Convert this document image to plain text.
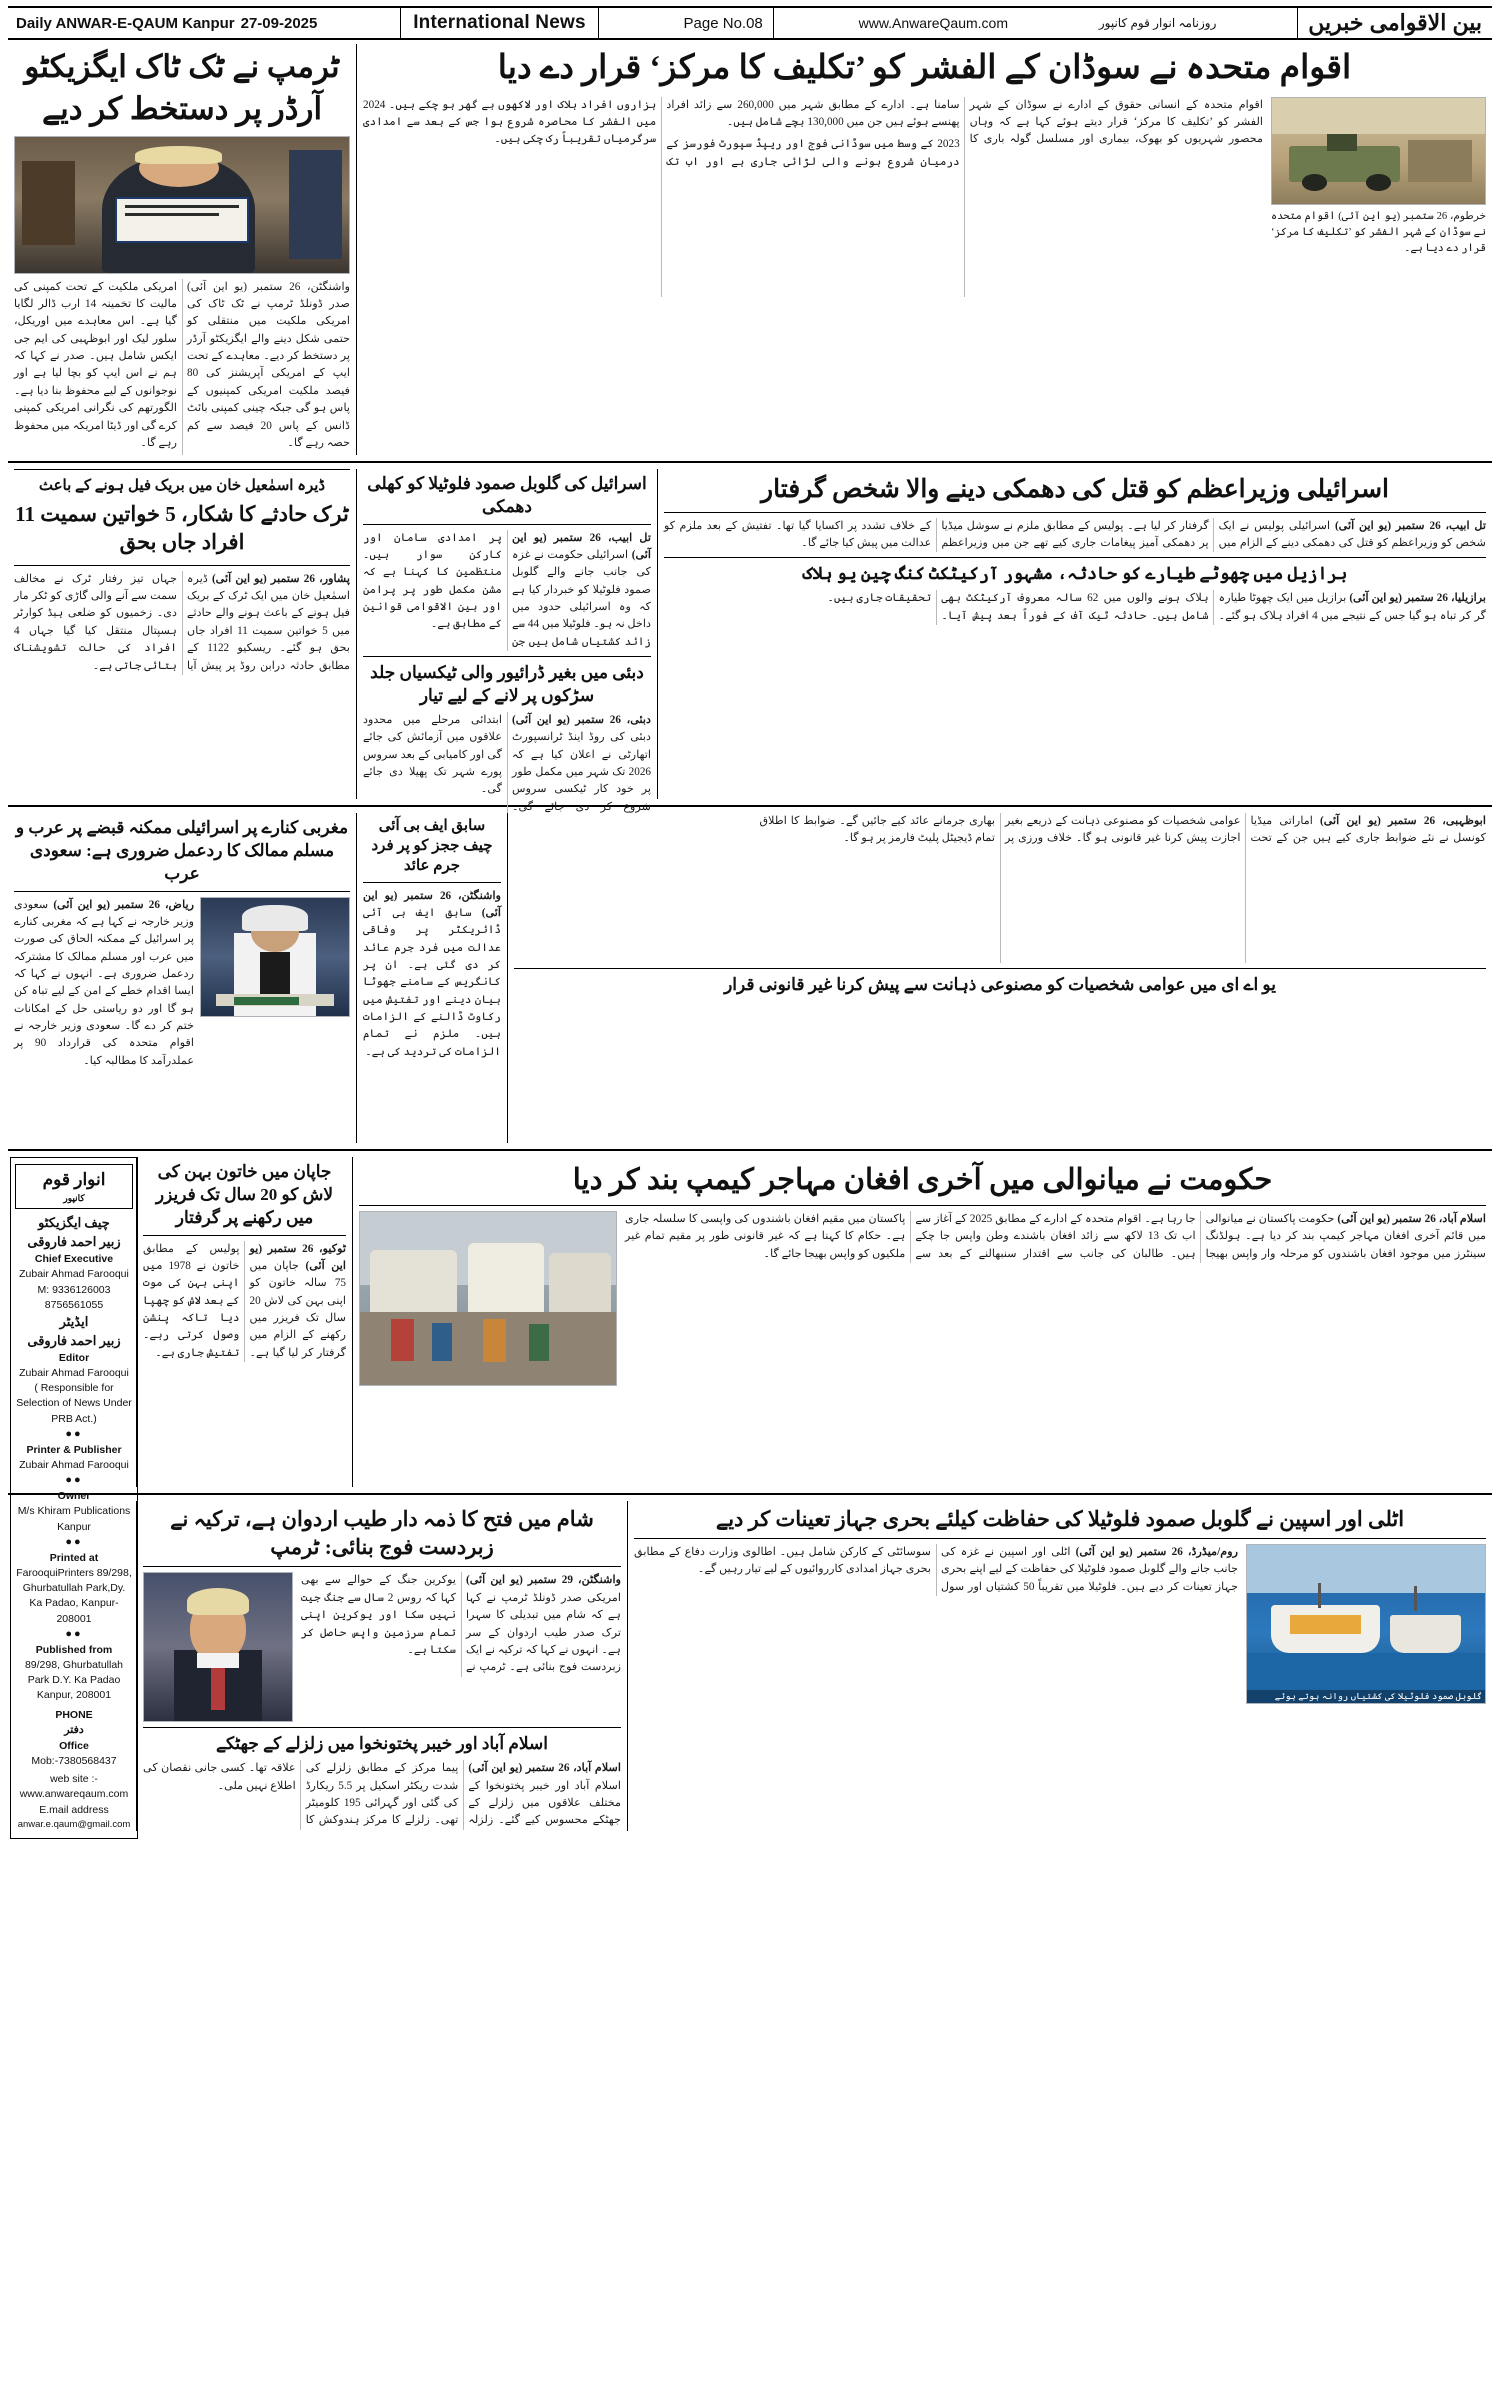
Daily ANWAR-E-QAUM Kanpur 27-09-2025	International News	Page No.08	www.AnwareQaum.com	روزنامہ انوار قوم کانپور	بین الاقوامی خبریں
ٹرمپ نے ٹک ٹاک ایگزیکٹو آرڈر پر دستخط کر دیے
واشنگٹن، 26 ستمبر (یو این آئی) صدر ڈونلڈ ٹرمپ نے ٹک ٹاک کی امریکی ملکیت میں منتقلی کو حتمی شکل دینے والے ایگزیکٹو آرڈر پر دستخط کر دیے۔ معاہدے کے تحت ایپ کے امریکی آپریشنز کی 80 فیصد ملکیت امریکی کمپنیوں کے پاس ہو گی جبکہ چینی کمپنی بائٹ ڈانس کے پاس 20 فیصد سے کم حصہ رہے گا۔
امریکی ملکیت کے تحت کمپنی کی مالیت کا تخمینہ 14 ارب ڈالر لگایا گیا ہے۔ اس معاہدے میں اوریکل، سلور لیک اور ابوظہبی کی ایم جی ایکس شامل ہیں۔ صدر نے کہا کہ ہم نے اس ایپ کو بچا لیا ہے اور نوجوانوں کے لیے محفوظ بنا دیا ہے۔ الگورتھم کی نگرانی امریکی کمپنی کرے گی اور ڈیٹا امریکہ میں محفوظ رہے گا۔
اقوام متحدہ نے سوڈان کے الفشر کو ’تکلیف کا مرکز‘ قرار دے دیا
اقوام متحدہ کے انسانی حقوق کے ادارے نے سوڈان کے شہر الفشر کو ’تکلیف کا مرکز‘ قرار دیتے ہوئے کہا ہے کہ وہاں محصور شہریوں کو بھوک، بیماری اور مسلسل گولہ باری کا سامنا ہے۔ ادارے کے مطابق شہر میں 260,000 سے زائد افراد پھنسے ہوئے ہیں جن میں 130,000 بچے شامل ہیں۔
2023 کے وسط میں سوڈانی فوج اور ریپڈ سپورٹ فورسز کے درمیان شروع ہونے والی لڑائی جاری ہے اور اب تک ہزاروں افراد ہلاک اور لاکھوں بے گھر ہو چکے ہیں۔ 2024 میں الفشر کا محاصرہ شروع ہوا جس کے بعد سے امدادی سرگرمیاں تقریباً رک چکی ہیں۔
خرطوم، 26 ستمبر (یو این آئی) اقوام متحدہ نے سوڈان کے شہر الفشر کو ’تکلیف کا مرکز‘ قرار دے دیا ہے۔
ڈیرہ اسمٰعیل خان میں بریک فیل ہونے کے باعث
ٹرک حادثے کا شکار، 5 خواتین سمیت 11 افراد جاں بحق
پشاور، 26 ستمبر (یو این آئی) ڈیرہ اسمٰعیل خان میں ایک ٹرک کے بریک فیل ہونے کے باعث ہونے والے حادثے میں 5 خواتین سمیت 11 افراد جاں بحق ہو گئے۔ ریسکیو 1122 کے مطابق حادثہ درابن روڈ پر پیش آیا جہاں تیز رفتار ٹرک نے مخالف سمت سے آنے والی گاڑی کو ٹکر مار دی۔ زخمیوں کو ضلعی ہیڈ کوارٹر ہسپتال منتقل کیا گیا جہاں 4 افراد کی حالت تشویشناک بتائی جاتی ہے۔
اسرائیل کی گلوبل صمود فلوٹیلا کو کھلی دھمکی
تل ابیب، 26 ستمبر (یو این آئی) اسرائیلی حکومت نے غزہ کی جانب جانے والے گلوبل صمود فلوٹیلا کو خبردار کیا ہے کہ وہ اسرائیلی حدود میں داخل نہ ہو۔ فلوٹیلا میں 44 سے زائد کشتیاں شامل ہیں جن پر امدادی سامان اور کارکن سوار ہیں۔ منتظمین کا کہنا ہے کہ مشن مکمل طور پر پرامن اور بین الاقوامی قوانین کے مطابق ہے۔
دبئی میں بغیر ڈرائیور والی ٹیکسیاں جلد سڑکوں پر لانے کے لیے تیار
دبئی، 26 ستمبر (یو این آئی) دبئی کی روڈ اینڈ ٹرانسپورٹ اتھارٹی نے اعلان کیا ہے کہ 2026 تک شہر میں مکمل طور پر خود کار ٹیکسی سروس شروع کر دی جائے گی۔ ابتدائی مرحلے میں محدود علاقوں میں آزمائش کی جائے گی اور کامیابی کے بعد سروس پورے شہر تک پھیلا دی جائے گی۔
اسرائیلی وزیراعظم کو قتل کی دھمکی دینے والا شخص گرفتار
تل ابیب، 26 ستمبر (یو این آئی) اسرائیلی پولیس نے ایک شخص کو وزیراعظم کو قتل کی دھمکی دینے کے الزام میں گرفتار کر لیا ہے۔ پولیس کے مطابق ملزم نے سوشل میڈیا پر دھمکی آمیز پیغامات جاری کیے تھے جن میں وزیراعظم کے خلاف تشدد پر اکسایا گیا تھا۔ تفتیش کے بعد ملزم کو عدالت میں پیش کیا جائے گا۔
برازیل میں چھوٹے طیارے کو حادثہ، مشہور آرکیٹکٹ کنگ چین یو ہلاک
برازیلیا، 26 ستمبر (یو این آئی) برازیل میں ایک چھوٹا طیارہ گر کر تباہ ہو گیا جس کے نتیجے میں 4 افراد ہلاک ہو گئے۔ ہلاک ہونے والوں میں 62 سالہ معروف آرکیٹکٹ بھی شامل ہیں۔ حادثہ ٹیک آف کے فوراً بعد پیش آیا۔ تحقیقات جاری ہیں۔
مغربی کنارے پر اسرائیلی ممکنہ قبضے پر عرب و مسلم ممالک کا ردعمل ضروری ہے: سعودی عرب
ریاض، 26 ستمبر (یو این آئی) سعودی وزیر خارجہ نے کہا ہے کہ مغربی کنارے پر اسرائیل کے ممکنہ الحاق کی صورت میں عرب اور مسلم ممالک کا مشترکہ ردعمل ضروری ہے۔ انہوں نے کہا کہ ایسا اقدام خطے کے امن کے لیے تباہ کن ہو گا اور دو ریاستی حل کے امکانات ختم کر دے گا۔ سعودی وزیر خارجہ نے اقوام متحدہ کی قرارداد 90 پر عملدرآمد کا مطالبہ کیا۔
سابق ایف بی آئی چیف ججز کو پر فرد جرم عائد
واشنگٹن، 26 ستمبر (یو این آئی) سابق ایف بی آئی ڈائریکٹر پر وفاقی عدالت میں فرد جرم عائد کر دی گئی ہے۔ ان پر کانگریس کے سامنے جھوٹا بیان دینے اور تفتیش میں رکاوٹ ڈالنے کے الزامات ہیں۔ ملزم نے تمام الزامات کی تردید کی ہے۔
ابوظہبی، 26 ستمبر (یو این آئی) اماراتی میڈیا کونسل نے نئے ضوابط جاری کیے ہیں جن کے تحت عوامی شخصیات کو مصنوعی ذہانت کے ذریعے بغیر اجازت پیش کرنا غیر قانونی ہو گا۔ خلاف ورزی پر بھاری جرمانے عائد کیے جائیں گے۔ ضوابط کا اطلاق تمام ڈیجیٹل پلیٹ فارمز پر ہو گا۔
یو اے ای میں عوامی شخصیات کو مصنوعی ذہانت سے پیش کرنا غیر قانونی قرار
انوار قوم
کانپور
چیف ایگزیکٹو
زبیر احمد فاروقی
Chief Executive
Zubair Ahmad Farooqui
M: 9336126003
8756561055
ایڈیٹر
زبیر احمد فاروقی
Editor
Zubair Ahmad Farooqui
( Responsible for Selection of News Under PRB Act.)
●●
Printer & Publisher
Zubair Ahmad Farooqui
●●
Owner
M/s Khiram Publications Kanpur
●●
Printed at
FarooquiPrinters 89/298, Ghurbatullah Park,Dy. Ka Padao, Kanpur-208001
●●
Published from
89/298, Ghurbatullah Park D.Y. Ka Padao Kanpur, 208001
PHONE
دفتر
Office
Mob:-7380568437
web site :-
www.anwareqaum.com
E.mail address
anwar.e.qaum@gmail.com
جاپان میں خاتون بہن کی لاش کو 20 سال تک فریزر میں رکھنے پر گرفتار
ٹوکیو، 26 ستمبر (یو این آئی) جاپان میں 75 سالہ خاتون کو اپنی بہن کی لاش 20 سال تک فریزر میں رکھنے کے الزام میں گرفتار کر لیا گیا ہے۔ پولیس کے مطابق خاتون نے 1978 میں اپنی بہن کی موت کے بعد لاش کو چھپا دیا تاکہ پنشن وصول کرتی رہے۔ تفتیش جاری ہے۔
حکومت نے میانوالی میں آخری افغان مہاجر کیمپ بند کر دیا
اسلام آباد، 26 ستمبر (یو این آئی) حکومت پاکستان نے میانوالی میں قائم آخری افغان مہاجر کیمپ بند کر دیا ہے۔ ہولڈنگ سینٹرز میں موجود افغان باشندوں کو مرحلہ وار واپس بھیجا جا رہا ہے۔ اقوام متحدہ کے ادارے کے مطابق 2025 کے آغاز سے اب تک 13 لاکھ سے زائد افغان باشندے وطن واپس جا چکے ہیں۔ طالبان کی جانب سے اقتدار سنبھالنے کے بعد سے پاکستان میں مقیم افغان باشندوں کی واپسی کا سلسلہ جاری ہے۔ حکام کا کہنا ہے کہ غیر قانونی طور پر مقیم تمام غیر ملکیوں کو واپس بھیجا جائے گا۔
شام میں فتح کا ذمہ دار طیب اردوان ہے، ترکیہ نے زبردست فوج بنائی: ٹرمپ
واشنگٹن، 29 ستمبر (یو این آئی) امریکی صدر ڈونلڈ ٹرمپ نے کہا ہے کہ شام میں تبدیلی کا سہرا ترک صدر طیب اردوان کے سر ہے۔ انہوں نے کہا کہ ترکیہ نے ایک زبردست فوج بنائی ہے۔ ٹرمپ نے یوکرین جنگ کے حوالے سے بھی کہا کہ روس 2 سال سے جنگ جیت نہیں سکا اور یوکرین اپنی تمام سرزمین واپس حاصل کر سکتا ہے۔
اسلام آباد اور خیبر پختونخوا میں زلزلے کے جھٹکے
اسلام آباد، 26 ستمبر (یو این آئی) اسلام آباد اور خیبر پختونخوا کے مختلف علاقوں میں زلزلے کے جھٹکے محسوس کیے گئے۔ زلزلہ پیما مرکز کے مطابق زلزلے کی شدت ریکٹر اسکیل پر 5.5 ریکارڈ کی گئی اور گہرائی 195 کلومیٹر تھی۔ زلزلے کا مرکز ہندوکش کا علاقہ تھا۔ کسی جانی نقصان کی اطلاع نہیں ملی۔
اٹلی اور اسپین نے گلوبل صمود فلوٹیلا کی حفاظت کیلئے بحری جہاز تعینات کر دیے
روم/میڈرڈ، 26 ستمبر (یو این آئی) اٹلی اور اسپین نے غزہ کی جانب جانے والے گلوبل صمود فلوٹیلا کی حفاظت کے لیے اپنے بحری جہاز تعینات کر دیے ہیں۔ فلوٹیلا میں تقریباً 50 کشتیاں اور سول سوسائٹی کے کارکن شامل ہیں۔ اطالوی وزارت دفاع کے مطابق بحری جہاز امدادی کارروائیوں کے لیے تیار رہیں گے۔
گلوبل صمود فلوٹیلا کی کشتیاں روانہ ہوتے ہوئے
